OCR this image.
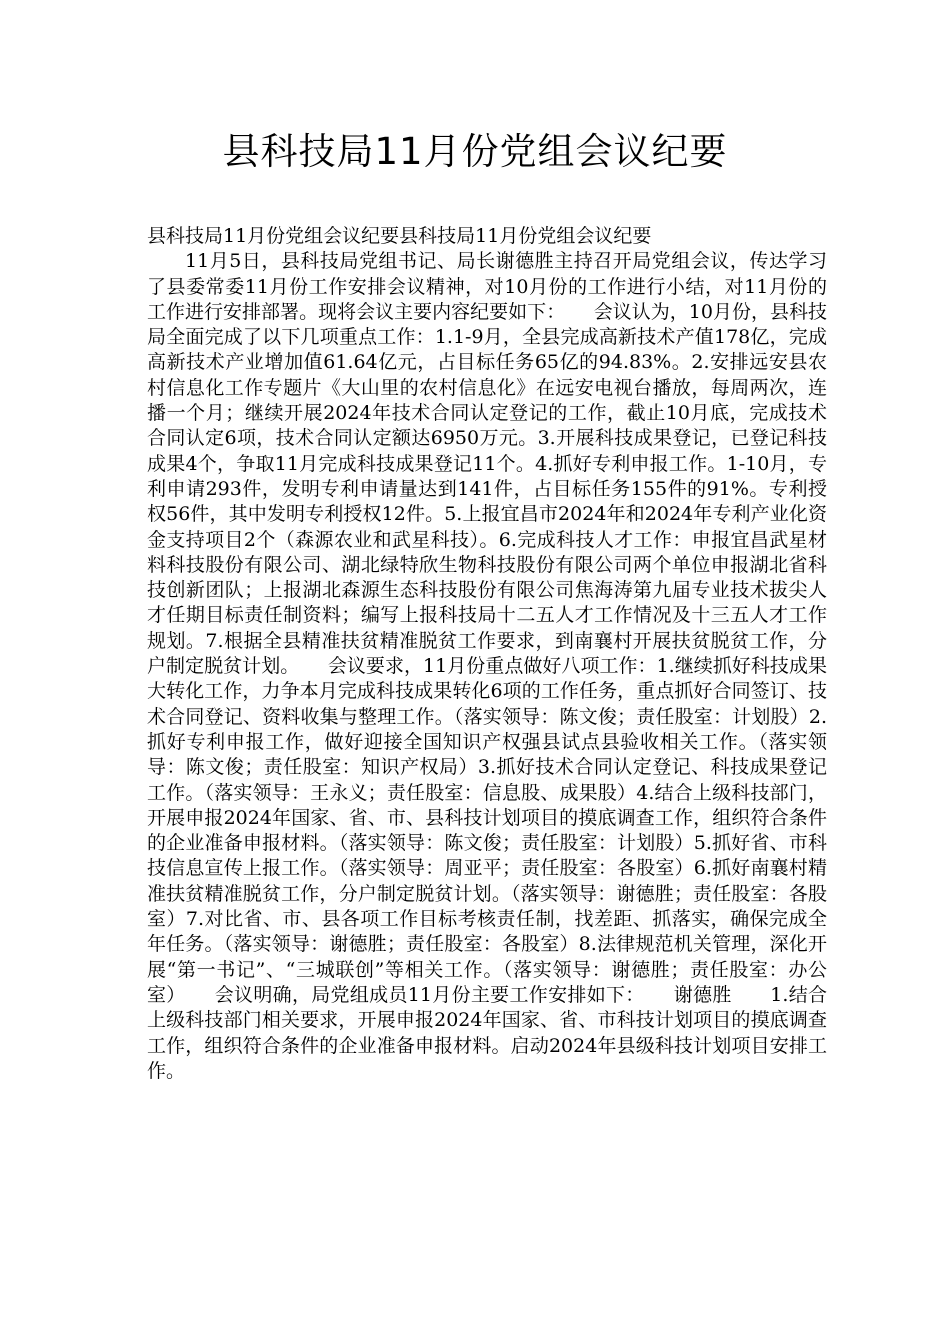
县科技局11月份党组会议纪要

县科技局11月份党组会议纪要县科技局11月份党组会议纪要

11月5日，县科技局党组书记、局长谢德胜主持召开局党组会议，传达学习了县委常委11月份工作安排会议精神，对10月份的工作进行小结，对11月份的工作进行安排部署。现将会议主要内容纪要如下：　　会议认为，10月份，县科技局全面完成了以下几项重点工作：1.1-9月，全县完成高新技术产值178亿，完成高新技术产业增加值61.64亿元，占目标任务65亿的94.83%。2.安排远安县农村信息化工作专题片《大山里的农村信息化》在远安电视台播放，每周两次，连播一个月；继续开展2024年技术合同认定登记的工作，截止10月底，完成技术合同认定6项，技术合同认定额达6950万元。3.开展科技成果登记，已登记科技成果4个，争取11月完成科技成果登记11个。4.抓好专利申报工作。1-10月，专利申请293件，发明专利申请量达到141件，占目标任务155件的91%。专利授权56件，其中发明专利授权12件。5.上报宜昌市2024年和2024年专利产业化资金支持项目2个（森源农业和武星科技）。6.完成科技人才工作：申报宜昌武星材料科技股份有限公司、湖北绿特欣生物科技股份有限公司两个单位申报湖北省科技创新团队；上报湖北森源生态科技股份有限公司焦海涛第九届专业技术拔尖人才任期目标责任制资料；编写上报科技局十二五人才工作情况及十三五人才工作规划。7.根据全县精准扶贫精准脱贫工作要求，到南襄村开展扶贫脱贫工作，分户制定脱贫计划。　　会议要求，11月份重点做好八项工作：1.继续抓好科技成果大转化工作，力争本月完成科技成果转化6项的工作任务，重点抓好合同签订、技术合同登记、资料收集与整理工作。（落实领导：陈文俊；责任股室：计划股）2.抓好专利申报工作，做好迎接全国知识产权强县试点县验收相关工作。（落实领导：陈文俊；责任股室：知识产权局）3.抓好技术合同认定登记、科技成果登记工作。（落实领导：王永义；责任股室：信息股、成果股）4.结合上级科技部门，开展申报2024年国家、省、市、县科技计划项目的摸底调查工作，组织符合条件的企业准备申报材料。（落实领导：陈文俊；责任股室：计划股）5.抓好省、市科技信息宣传上报工作。（落实领导：周亚平；责任股室：各股室）6.抓好南襄村精准扶贫精准脱贫工作，分户制定脱贫计划。（落实领导：谢德胜；责任股室：各股室）7.对比省、市、县各项工作目标考核责任制，找差距、抓落实，确保完成全年任务。（落实领导：谢德胜；责任股室：各股室）8.法律规范机关管理，深化开展“第一书记”、“三城联创”等相关工作。（落实领导：谢德胜；责任股室：办公室）　　会议明确，局党组成员11月份主要工作安排如下：　　谢德胜　　1.结合上级科技部门相关要求，开展申报2024年国家、省、市科技计划项目的摸底调查工作，组织符合条件的企业准备申报材料。启动2024年县级科技计划项目安排工作。
